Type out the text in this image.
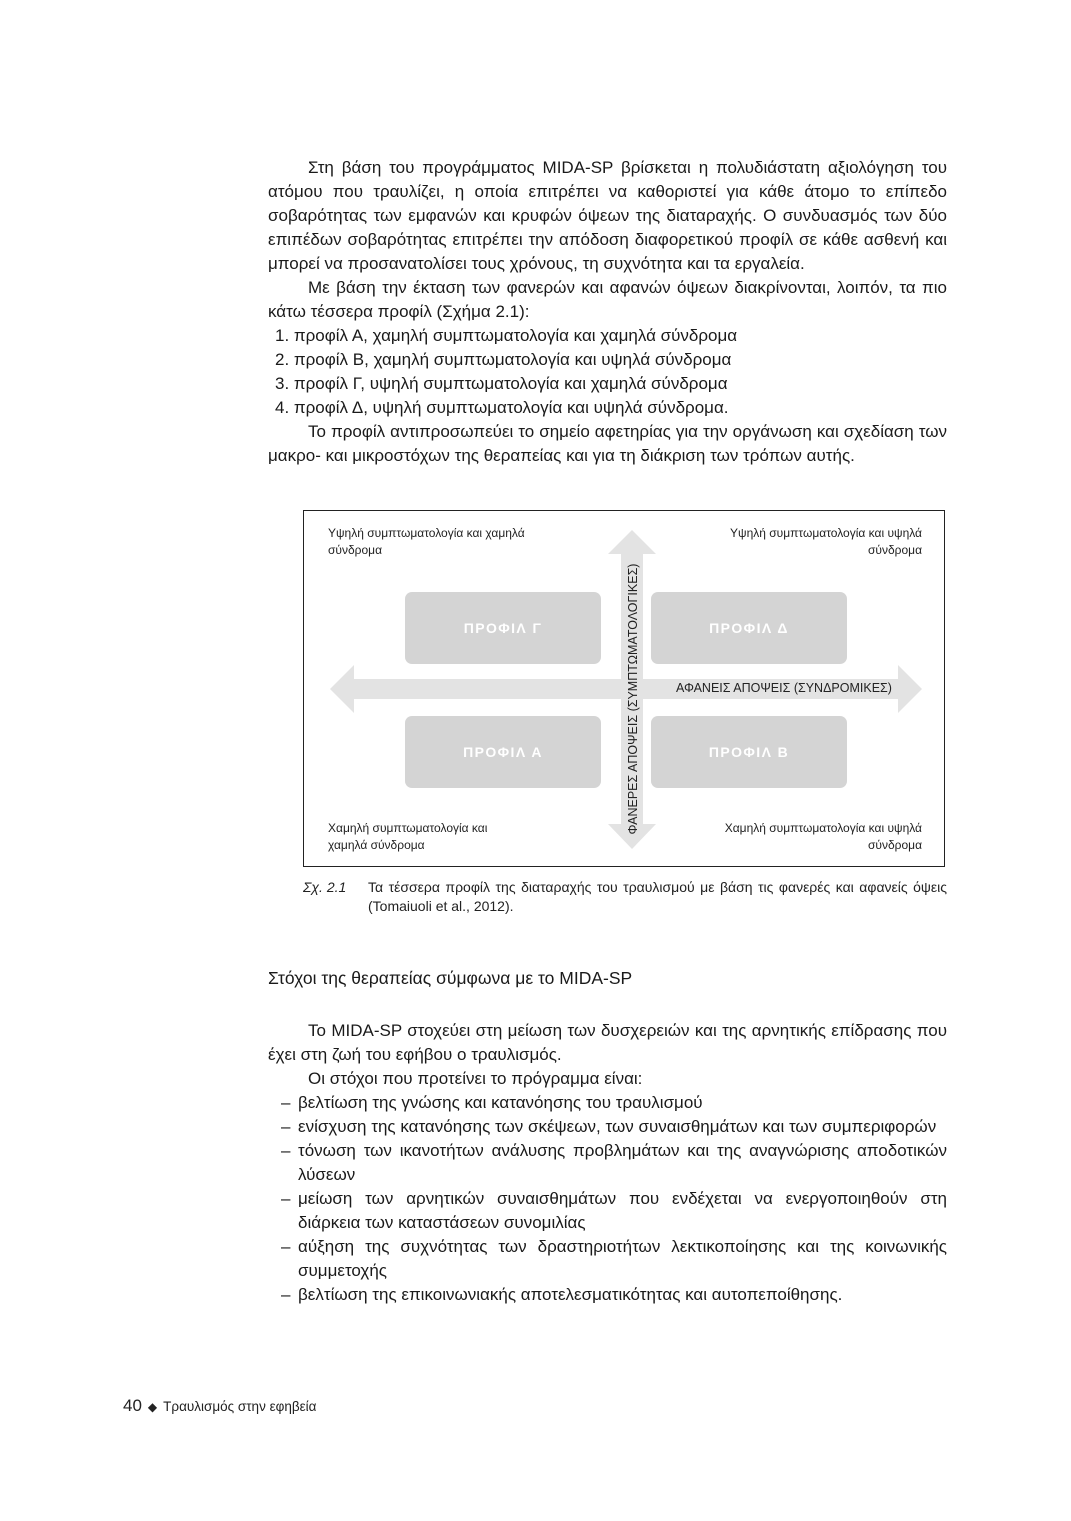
Στη βάση του προγράμματος MIDA-SP βρίσκεται η πολυδιάστατη αξιολόγηση του ατόμου που τραυλίζει, η οποία επιτρέπει να καθοριστεί για κάθε άτομο το επίπεδο σοβαρότητας των εμφανών και κρυφών όψεων της διαταραχής. Ο συνδυασμός των δύο επιπέδων σοβαρότητας επιτρέπει την απόδοση διαφορετικού προφίλ σε κάθε ασθενή και μπορεί να προσανατολίσει τους χρόνους, τη συχνότητα και τα εργαλεία.

Με βάση την έκταση των φανερών και αφανών όψεων διακρίνονται, λοιπόν, τα πιο κάτω τέσσερα προφίλ (Σχήμα 2.1):

1. προφίλ Α, χαμηλή συμπτωματολογία και χαμηλά σύνδρομα
2. προφίλ Β, χαμηλή συμπτωματολογία και υψηλά σύνδρομα
3. προφίλ Γ, υψηλή συμπτωματολογία και χαμηλά σύνδρομα
4. προφίλ Δ, υψηλή συμπτωματολογία και υψηλά σύνδρομα.

Το προφίλ αντιπροσωπεύει το σημείο αφετηρίας για την οργάνωση και σχεδίαση των μακρο- και μικροστόχων της θεραπείας και για τη διάκριση των τρόπων αυτής.

Υψηλή συμπτωματολογία και χαμηλά σύνδρομα
Υψηλή συμπτωματολογία και υψηλά σύνδρομα
Χαμηλή συμπτωματολογία και χαμηλά σύνδρομα
Χαμηλή συμπτωματολογία και υψηλά σύνδρομα
ΠΡΟΦΙΛ Γ	ΠΡΟΦΙΛ Δ
ΠΡΟΦΙΛ Α	ΠΡΟΦΙΛ Β
ΑΦΑΝΕΙΣ ΑΠΟΨΕΙΣ (ΣΥΝΔΡΟΜΙΚΕΣ)
ΦΑΝΕΡΕΣ ΑΠΟΨΕΙΣ (ΣΥΜΠΤΩΜΑΤΟΛΟΓΙΚΕΣ)
Σχ. 2.1 Τα τέσσερα προφίλ της διαταραχής του τραυλισμού με βάση τις φανερές και αφανείς όψεις (Tomaiuoli et al., 2012).
Στόχοι της θεραπείας σύμφωνα με το MIDA-SP

Το MIDA-SP στοχεύει στη μείωση των δυσχερειών και της αρνητικής επίδρασης που έχει στη ζωή του εφήβου ο τραυλισμός.

Οι στόχοι που προτείνει το πρόγραμμα είναι:

– βελτίωση της γνώσης και κατανόησης του τραυλισμού
– ενίσχυση της κατανόησης των σκέψεων, των συναισθημάτων και των συμπεριφορών
– τόνωση των ικανοτήτων ανάλυσης προβλημάτων και της αναγνώρισης αποδοτικών λύσεων
– μείωση των αρνητικών συναισθημάτων που ενδέχεται να ενεργοποιηθούν στη διάρκεια των καταστάσεων συνομιλίας
– αύξηση της συχνότητας των δραστηριοτήτων λεκτικοποίησης και της κοινωνικής συμμετοχής
– βελτίωση της επικοινωνιακής αποτελεσματικότητας και αυτοπεποίθησης.
40 ◆ Τραυλισμός στην εφηβεία
